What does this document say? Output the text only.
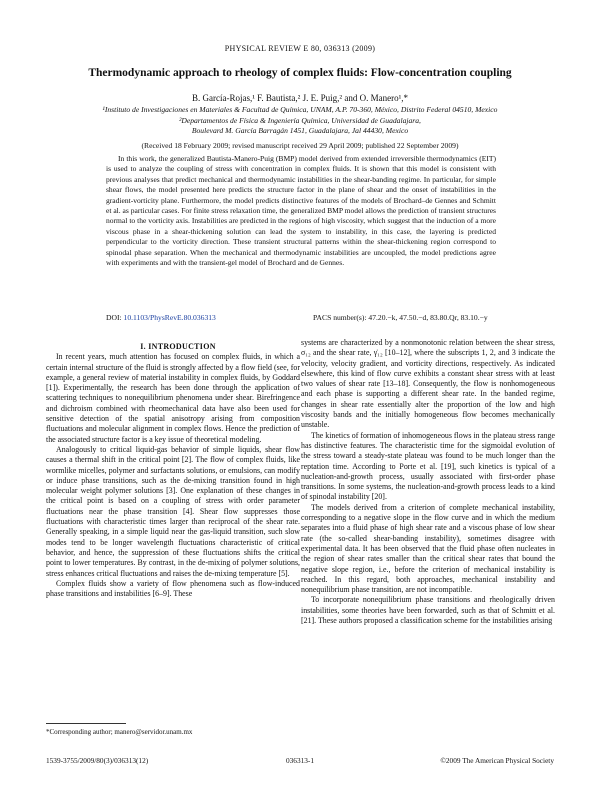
PHYSICAL REVIEW E 80, 036313 (2009)
Thermodynamic approach to rheology of complex fluids: Flow-concentration coupling
B. García-Rojas,¹ F. Bautista,² J. E. Puig,² and O. Manero¹,*
¹Instituto de Investigaciones en Materiales & Facultad de Química, UNAM, A.P. 70-360, México, Distrito Federal 04510, Mexico
²Departamentos de Física & Ingeniería Química, Universidad de Guadalajara,
Boulevard M. García Barragán 1451, Guadalajara, Jal 44430, Mexico
(Received 18 February 2009; revised manuscript received 29 April 2009; published 22 September 2009)

In this work, the generalized Bautista-Manero-Puig (BMP) model derived from extended irreversible thermodynamics (EIT) is used to analyze the coupling of stress with concentration in complex fluids. It is shown that this model is consistent with previous analyses that predict mechanical and thermodynamic instabilities in the shear-banding regime. In particular, for simple shear flows, the model presented here predicts the structure factor in the plane of shear and the onset of instabilities in the gradient-vorticity plane. Furthermore, the model predicts distinctive features of the models of Brochard–de Gennes and Schmitt et al. as particular cases. For finite stress relaxation time, the generalized BMP model allows the prediction of transient structures normal to the vorticity axis. Instabilities are predicted in the regions of high viscosity, which suggest that the induction of a more viscous phase in a shear-thickening solution can lead the system to instability, in this case, the layering is predicted perpendicular to the vorticity direction. These transient structural patterns within the shear-thickening region correspond to spinodal phase separation. When the mechanical and thermodynamic instabilities are uncoupled, the model predictions agree with experiments and with the transient-gel model of Brochard and de Gennes.

DOI: 10.1103/PhysRevE.80.036313	PACS number(s): 47.20.−k, 47.50.−d, 83.80.Qr, 83.10.−y

I. INTRODUCTION

In recent years, much attention has focused on complex fluids, in which a certain internal structure of the fluid is strongly affected by a flow field (see, for example, a general review of material instability in complex fluids, by Goddard [1]). Experimentally, the research has been done through the application of scattering techniques to nonequilibrium phenomena under shear. Birefringence and dichroism combined with rheomechanical data have also been used for sensitive detection of the spatial anisotropy arising from composition fluctuations and molecular alignment in complex flows. Hence the prediction of the associated structure factor is a key issue of theoretical modeling.

Analogously to critical liquid-gas behavior of simple liquids, shear flow causes a thermal shift in the critical point [2]. The flow of complex fluids, like wormlike micelles, polymer and surfactants solutions, or emulsions, can modify or induce phase transitions, such as the de-mixing transition found in high molecular weight polymer solutions [3]. One explanation of these changes in the critical point is based on a coupling of stress with order parameter fluctuations near the phase transition [4]. Shear flow suppresses those fluctuations with characteristic times larger than reciprocal of the shear rate. Generally speaking, in a simple liquid near the gas-liquid transition, such slow modes tend to be longer wavelength fluctuations characteristic of critical behavior, and hence, the suppression of these fluctuations shifts the critical point to lower temperatures. By contrast, in the de-mixing of polymer solutions, stress enhances critical fluctuations and raises the de-mixing temperature [5].

Complex fluids show a variety of flow phenomena such as flow-induced phase transitions and instabilities [6–9]. These

systems are characterized by a nonmonotonic relation between the shear stress, σ₁₂ and the shear rate, γ̇₁₂ [10–12], where the subscripts 1, 2, and 3 indicate the velocity, velocity gradient, and vorticity directions, respectively. As indicated elsewhere, this kind of flow curve exhibits a constant shear stress with at least two values of shear rate [13–18]. Consequently, the flow is nonhomogeneous and each phase is supporting a different shear rate. In the banded regime, changes in shear rate essentially alter the proportion of the low and high viscosity bands and the initially homogeneous flow becomes mechanically unstable.

The kinetics of formation of inhomogeneous flows in the plateau stress range has distinctive features. The characteristic time for the sigmoidal evolution of the stress toward a steady-state plateau was found to be much longer than the reptation time. According to Porte et al. [19], such kinetics is typical of a nucleation-and-growth process, usually associated with first-order phase transitions. In some systems, the nucleation-and-growth process leads to a kind of spinodal instability [20].

The models derived from a criterion of complete mechanical instability, corresponding to a negative slope in the flow curve and in which the medium separates into a fluid phase of high shear rate and a viscous phase of low shear rate (the so-called shear-banding instability), sometimes disagree with experimental data. It has been observed that the fluid phase often nucleates in the region of shear rates smaller than the critical shear rates that bound the negative slope region, i.e., before the criterion of mechanical instability is reached. In this regard, both approaches, mechanical instability and nonequilibrium phase transition, are not incompatible.

To incorporate nonequilibrium phase transitions and rheologically driven instabilities, some theories have been forwarded, such as that of Schmitt et al. [21]. These authors proposed a classification scheme for the instabilities arising

*Corresponding author; manero@servidor.unam.mx
1539-3755/2009/80(3)/036313(12)	036313-1	©2009 The American Physical Society
